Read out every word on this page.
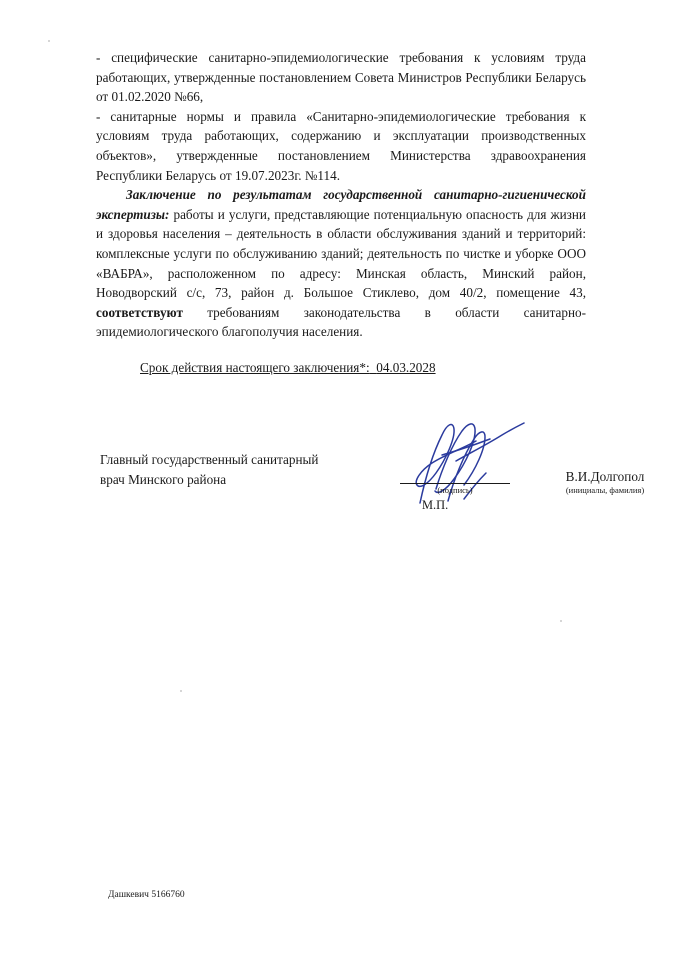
- специфические санитарно-эпидемиологические требования к условиям труда работающих, утвержденные постановлением Совета Министров Республики Беларусь от 01.02.2020 №66,

- санитарные нормы и правила «Санитарно-эпидемиологические требования к условиям труда работающих, содержанию и эксплуатации производственных объектов», утвержденные постановлением Министерства здравоохранения Республики Беларусь от 19.07.2023г. №114.

Заключение по результатам государственной санитарно-гигиенической экспертизы: работы и услуги, представляющие потенциальную опасность для жизни и здоровья населения – деятельность в области обслуживания зданий и территорий: комплексные услуги по обслуживанию зданий; деятельность по чистке и уборке ООО «ВАБРА», расположенном по адресу: Минская область, Минский район, Новодворский с/с, 73, район д. Большое Стиклево, дом 40/2, помещение 43, соответствуют требованиям законодательства в области санитарно-эпидемиологического благополучия населения.

Срок действия настоящего заключения*: 04.03.2028
Главный государственный санитарный
врач Минского района
(подпись)
М.П.
В.И.Долгопол
(инициалы, фамилия)
Дашкевич 5166760
